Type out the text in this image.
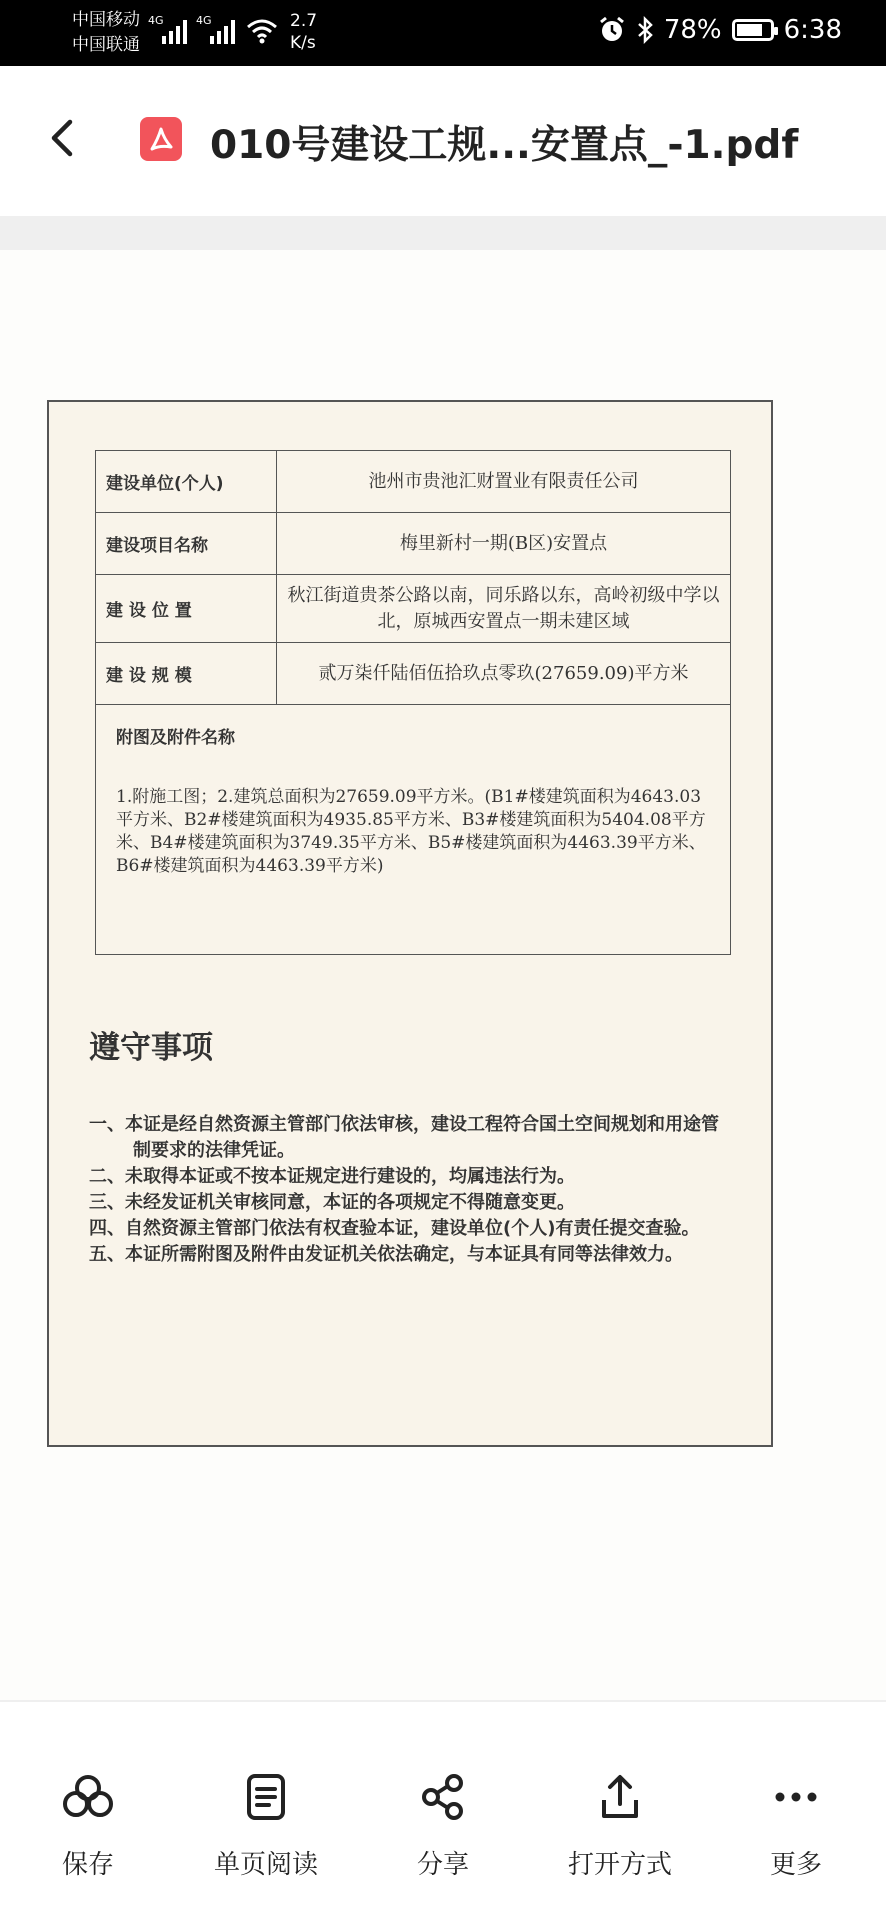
中国移动
中国联通
4G	4G	2.7
K/s	78% 6:38
010号建设工规...安置点_-1.pdf
建设单位(个人)	池州市贵池汇财置业有限责任公司
建设项目名称	梅里新村一期(B区)安置点
建 设 位 置	秋江街道贵茶公路以南，同乐路以东，高岭初级中学以北，原城西安置点一期未建区域
建 设 规 模	贰万柒仟陆佰伍拾玖点零玖(27659.09)平方米

附图及附件名称
1.附施工图；2.建筑总面积为27659.09平方米。(B1#楼建筑面积为4643.03平方米、B2#楼建筑面积为4935.85平方米、B3#楼建筑面积为5404.08平方米、B4#楼建筑面积为3749.35平方米、B5#楼建筑面积为4463.39平方米、B6#楼建筑面积为4463.39平方米)	
遵守事项

一、本证是经自然资源主管部门依法审核，建设工程符合国土空间规划和用途管制要求的法律凭证。

二、未取得本证或不按本证规定进行建设的，均属违法行为。

三、未经发证机关审核同意，本证的各项规定不得随意变更。

四、自然资源主管部门依法有权查验本证，建设单位(个人)有责任提交查验。

五、本证所需附图及附件由发证机关依法确定，与本证具有同等法律效力。

保存	单页阅读	分享	打开方式	更多
